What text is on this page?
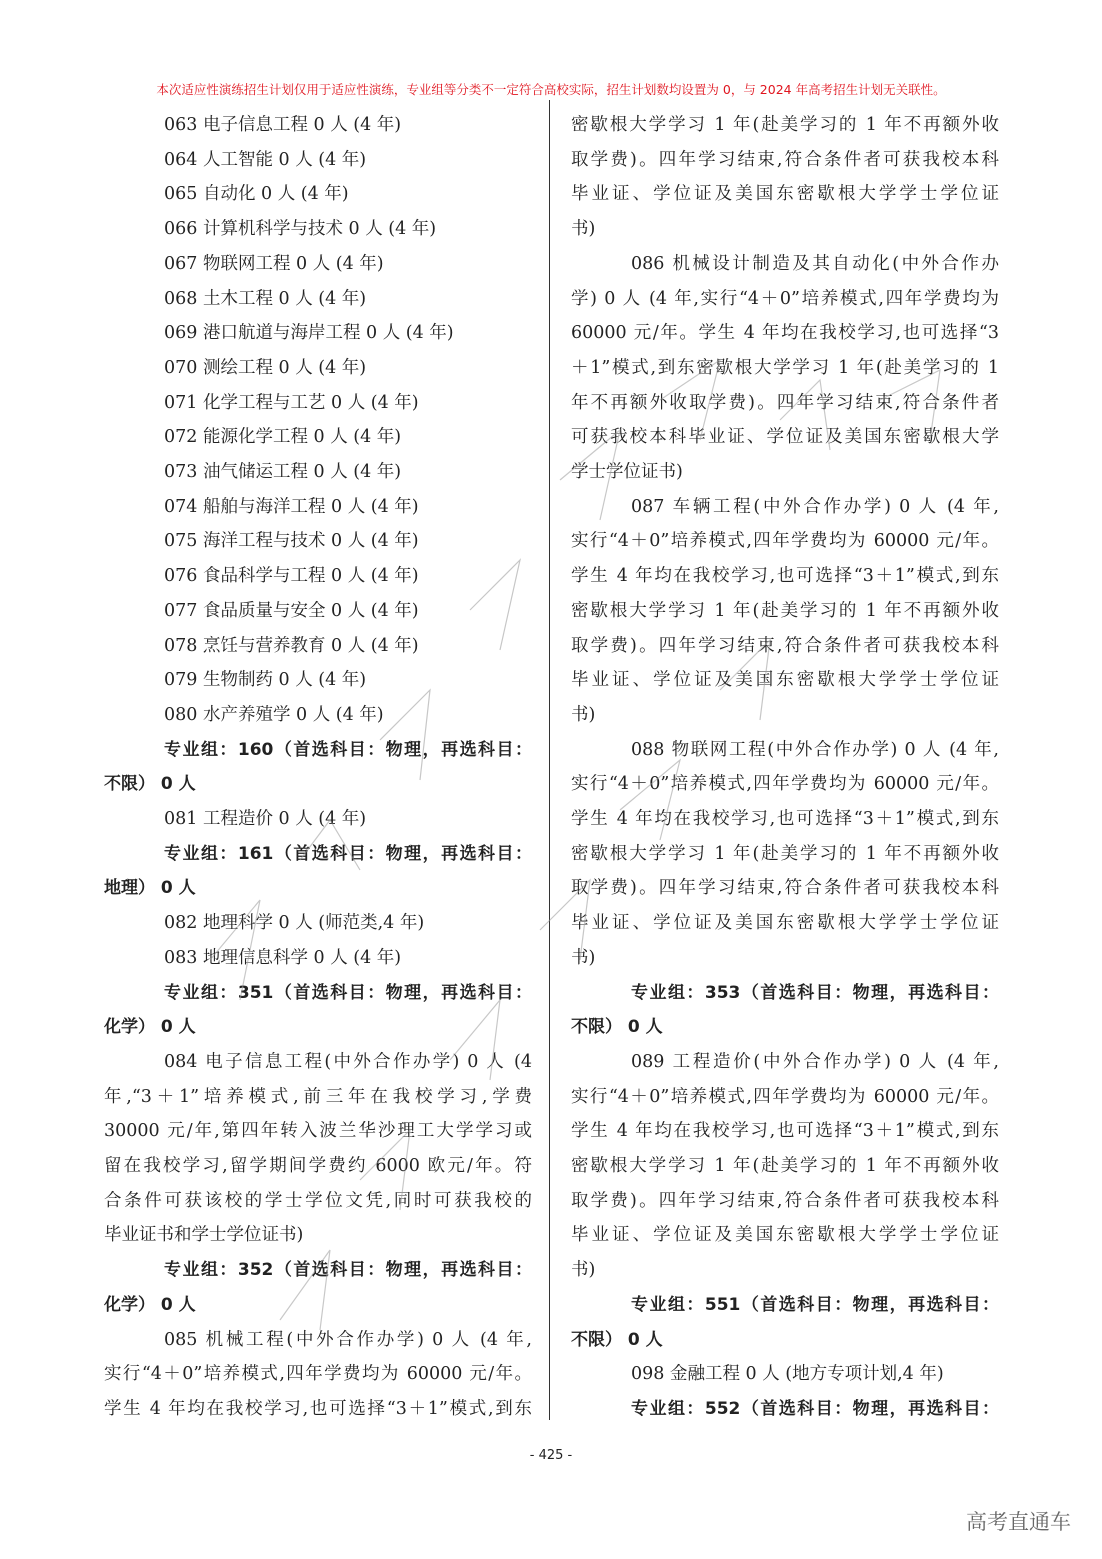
本次适应性演练招生计划仅用于适应性演练，专业组等分类不一定符合高校实际，招生计划数均设置为 0，与 2024 年高考招生计划无关联性。
063 电子信息工程 0 人 (4 年)
064 人工智能 0 人 (4 年)
065 自动化 0 人 (4 年)
066 计算机科学与技术 0 人 (4 年)
067 物联网工程 0 人 (4 年)
068 土木工程 0 人 (4 年)
069 港口航道与海岸工程 0 人 (4 年)
070 测绘工程 0 人 (4 年)
071 化学工程与工艺 0 人 (4 年)
072 能源化学工程 0 人 (4 年)
073 油气储运工程 0 人 (4 年)
074 船舶与海洋工程 0 人 (4 年)
075 海洋工程与技术 0 人 (4 年)
076 食品科学与工程 0 人 (4 年)
077 食品质量与安全 0 人 (4 年)
078 烹饪与营养教育 0 人 (4 年)
079 生物制药 0 人 (4 年)
080 水产养殖学 0 人 (4 年)
专业组：160（首选科目：物理，再选科目：
不限） 0 人
081 工程造价 0 人 (4 年)
专业组：161（首选科目：物理，再选科目：
地理） 0 人
082 地理科学 0 人 (师范类,4 年)
083 地理信息科学 0 人 (4 年)
专业组：351（首选科目：物理，再选科目：
化学） 0 人
084 电子信息工程(中外合作办学) 0 人 (4
年,“3＋1”培养模式,前三年在我校学习,学费
30000 元/年,第四年转入波兰华沙理工大学学习或
留在我校学习,留学期间学费约 6000 欧元/年。符
合条件可获该校的学士学位文凭,同时可获我校的
毕业证书和学士学位证书)
专业组：352（首选科目：物理，再选科目：
化学） 0 人
085 机械工程(中外合作办学) 0 人 (4 年,
实行“4＋0”培养模式,四年学费均为 60000 元/年。
学生 4 年均在我校学习,也可选择“3＋1”模式,到东
密歇根大学学习 1 年(赴美学习的 1 年不再额外收
取学费)。四年学习结束,符合条件者可获我校本科
毕业证、学位证及美国东密歇根大学学士学位证
书)
086 机械设计制造及其自动化(中外合作办
学) 0 人 (4 年,实行“4＋0”培养模式,四年学费均为
60000 元/年。学生 4 年均在我校学习,也可选择“3
＋1”模式,到东密歇根大学学习 1 年(赴美学习的 1
年不再额外收取学费)。四年学习结束,符合条件者
可获我校本科毕业证、学位证及美国东密歇根大学
学士学位证书)
087 车辆工程(中外合作办学) 0 人 (4 年,
实行“4＋0”培养模式,四年学费均为 60000 元/年。
学生 4 年均在我校学习,也可选择“3＋1”模式,到东
密歇根大学学习 1 年(赴美学习的 1 年不再额外收
取学费)。四年学习结束,符合条件者可获我校本科
毕业证、学位证及美国东密歇根大学学士学位证
书)
088 物联网工程(中外合作办学) 0 人 (4 年,
实行“4＋0”培养模式,四年学费均为 60000 元/年。
学生 4 年均在我校学习,也可选择“3＋1”模式,到东
密歇根大学学习 1 年(赴美学习的 1 年不再额外收
取学费)。四年学习结束,符合条件者可获我校本科
毕业证、学位证及美国东密歇根大学学士学位证
书)
专业组：353（首选科目：物理，再选科目：
不限） 0 人
089 工程造价(中外合作办学) 0 人 (4 年,
实行“4＋0”培养模式,四年学费均为 60000 元/年。
学生 4 年均在我校学习,也可选择“3＋1”模式,到东
密歇根大学学习 1 年(赴美学习的 1 年不再额外收
取学费)。四年学习结束,符合条件者可获我校本科
毕业证、学位证及美国东密歇根大学学士学位证
书)
专业组：551（首选科目：物理，再选科目：
不限） 0 人
098 金融工程 0 人 (地方专项计划,4 年)
专业组：552（首选科目：物理，再选科目：
- 425 -
高考直通车
